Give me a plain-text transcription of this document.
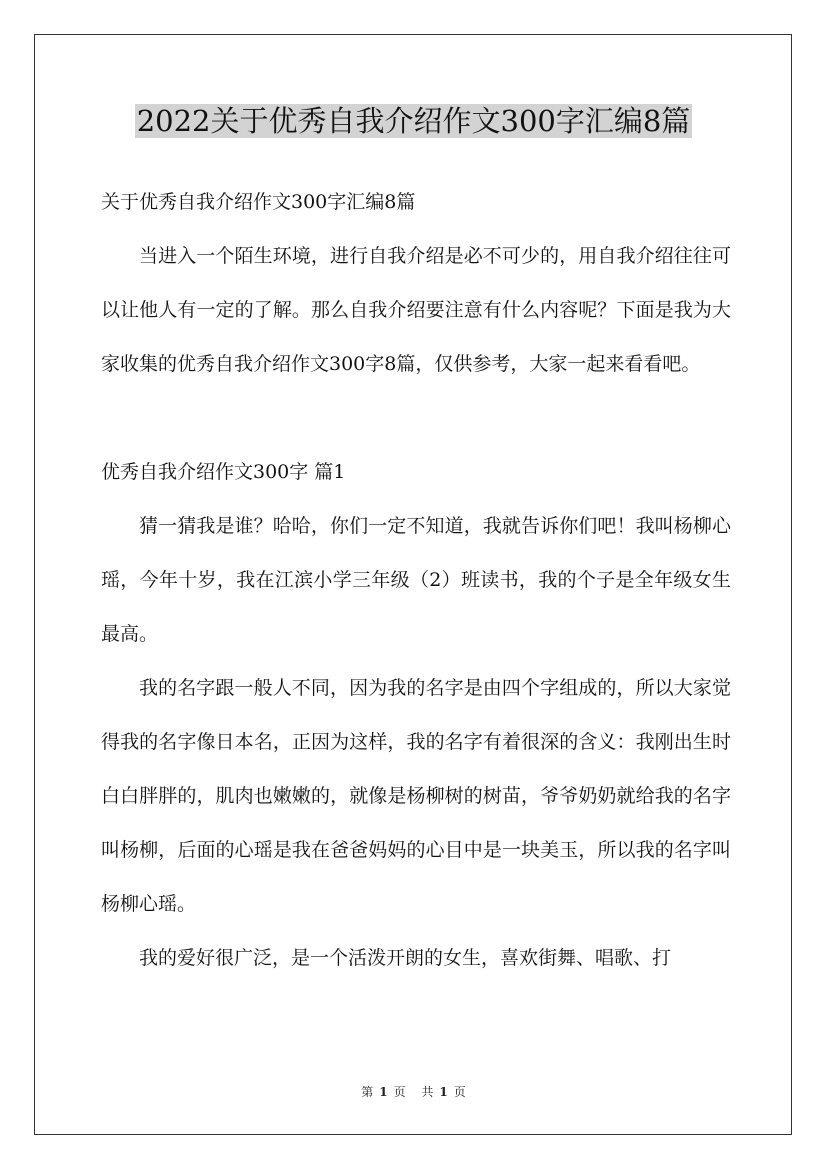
2022关于优秀自我介绍作文300字汇编8篇

关于优秀自我介绍作文300字汇编8篇

当进入一个陌生环境，进行自我介绍是必不可少的，用自我介绍往往可以让他人有一定的了解。那么自我介绍要注意有什么内容呢？下面是我为大家收集的优秀自我介绍作文300字8篇，仅供参考，大家一起来看看吧。

优秀自我介绍作文300字 篇1

猜一猜我是谁？哈哈，你们一定不知道，我就告诉你们吧！我叫杨柳心瑶，今年十岁，我在江滨小学三年级（2）班读书，我的个子是全年级女生最高。

我的名字跟一般人不同，因为我的名字是由四个字组成的，所以大家觉得我的名字像日本名，正因为这样，我的名字有着很深的含义：我刚出生时白白胖胖的，肌肉也嫩嫩的，就像是杨柳树的树苗，爷爷奶奶就给我的名字叫杨柳，后面的心瑶是我在爸爸妈妈的心目中是一块美玉，所以我的名字叫杨柳心瑶。

我的爱好很广泛，是一个活泼开朗的女生，喜欢街舞、唱歌、打

第 1 页 共 1 页
